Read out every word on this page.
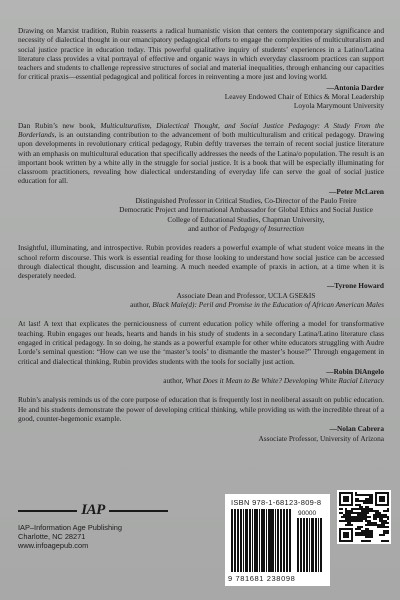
Drawing on Marxist tradition, Rubin reasserts a radical humanistic vision that centers the contemporary significance and necessity of dialectical thought in our emancipatory pedagogical efforts to engage the complexities of multiculturalism and social justice practice in education today. This powerful qualitative inquiry of students’ experiences in a Latino/Latina literature class provides a vital portrayal of effective and organic ways in which everyday classroom practices can support teachers and students to challenge repressive structures of social and material inequalities, through enhancing our capacities for critical praxis—essential pedagogical and political forces in reinventing a more just and loving world.

—Antonia Darder
Leavey Endowed Chair of Ethics & Moral Leadership
Loyola Marymount University

Dan Rubin’s new book, Multiculturalism, Dialectical Thought, and Social Justice Pedagogy: A Study From the Borderlands, is an outstanding contribution to the advancement of both multiculturalism and critical pedagogy. Drawing upon developments in revolutionary critical pedagogy, Rubin deftly traverses the terrain of recent social justice literature with an emphasis on multicultural education that specifically addresses the needs of the Latina/o population. The result is an important book written by a white ally in the struggle for social justice. It is a book that will be especially illuminating for classroom practitioners, revealing how dialectical understanding of everyday life can serve the goal of social justice education for all.

—Peter McLaren
Distinguished Professor in Critical Studies, Co-Director of the Paulo Freire
Democratic Project and International Ambassador for Global Ethics and Social Justice
College of Educational Studies, Chapman University,
and author of Pedagogy of Insurrection

Insightful, illuminating, and introspective. Rubin provides readers a powerful example of what student voice means in the school reform discourse. This work is essential reading for those looking to understand how social justice can be accessed through dialectical thought, discussion and learning. A much needed example of praxis in action, at a time when it is desperately needed.

—Tyrone Howard
Associate Dean and Professor, UCLA GSE&IS
author, Black Male(d): Peril and Promise in the Education of African American Males

At last! A text that explicates the perniciousness of current education policy while offering a model for transformative teaching. Rubin engages our heads, hearts and hands in his study of students in a secondary Latina/Latino literature class engaged in critical pedagogy. In so doing, he stands as a powerful example for other white educators struggling with Audre Lorde’s seminal question: “How can we use the ‘master’s tools’ to dismantle the master’s house?” Through engagement in critical and dialectical thinking, Rubin provides students with the tools for socially just action.

—Robin DiAngelo
author, What Does it Mean to Be White? Developing White Racial Literacy

Rubin’s analysis reminds us of the core purpose of education that is frequently lost in neoliberal assault on public education. He and his students demonstrate the power of developing critical thinking, while providing us with the incredible threat of a good, counter-hegemonic example.

—Nolan Cabrera
Associate Professor, University of Arizona
IAP
IAP–Information Age Publishing
Charlotte, NC 28271
www.infoagepub.com
ISBN 978-1-68123-809-8
90000
9 781681 238098
